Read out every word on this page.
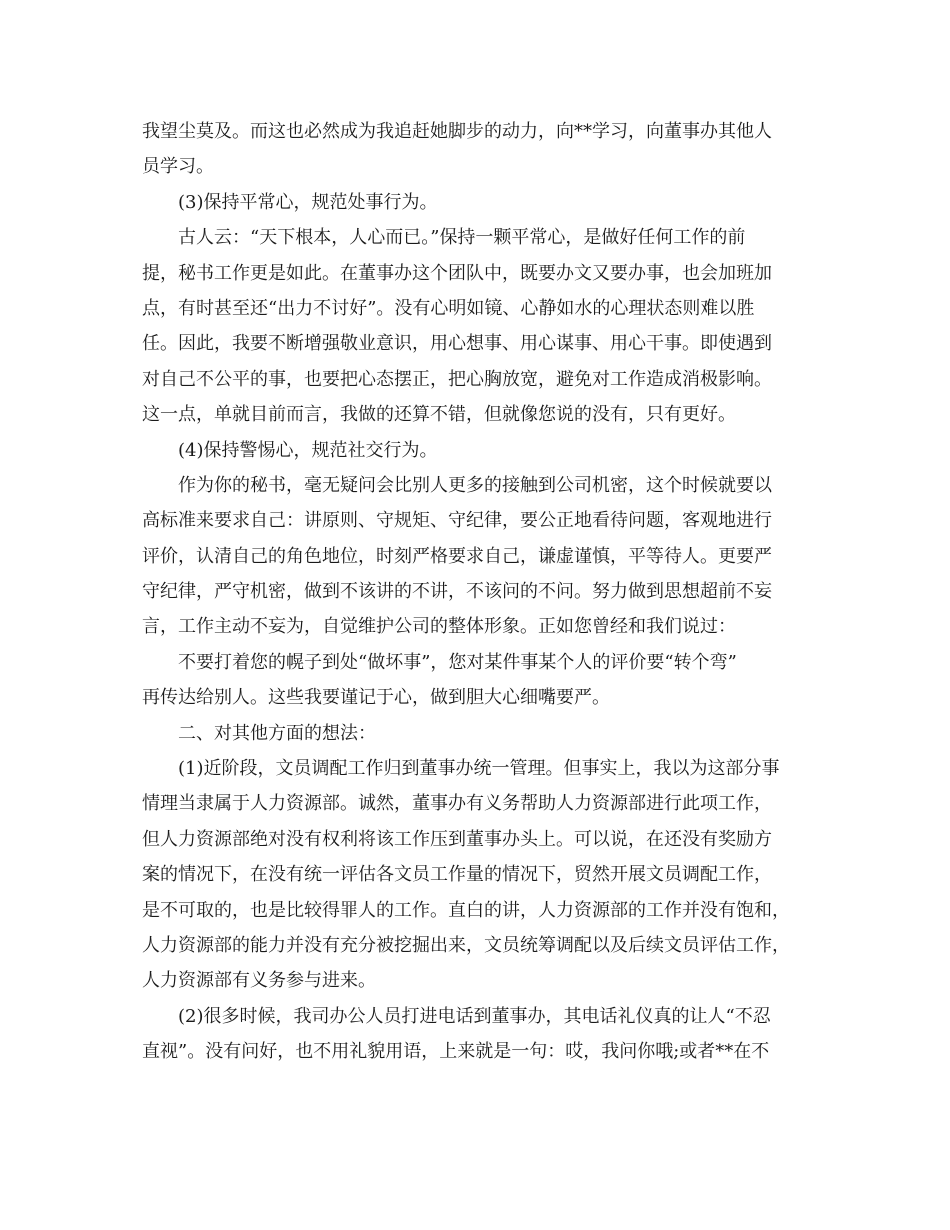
我望尘莫及。而这也必然成为我追赶她脚步的动力，向**学习，向董事办其他人
员学习。
(3)保持平常心，规范处事行为。
古人云：“天下根本，人心而已。”保持一颗平常心，是做好任何工作的前
提，秘书工作更是如此。在董事办这个团队中，既要办文又要办事，也会加班加
点，有时甚至还“出力不讨好”。没有心明如镜、心静如水的心理状态则难以胜
任。因此，我要不断增强敬业意识，用心想事、用心谋事、用心干事。即使遇到
对自己不公平的事，也要把心态摆正，把心胸放宽，避免对工作造成消极影响。
这一点，单就目前而言，我做的还算不错，但就像您说的没有，只有更好。
(4)保持警惕心，规范社交行为。
作为你的秘书，毫无疑问会比别人更多的接触到公司机密，这个时候就要以
高标准来要求自己：讲原则、守规矩、守纪律，要公正地看待问题，客观地进行
评价，认清自己的角色地位，时刻严格要求自己，谦虚谨慎，平等待人。更要严
守纪律，严守机密，做到不该讲的不讲，不该问的不问。努力做到思想超前不妄
言，工作主动不妄为，自觉维护公司的整体形象。正如您曾经和我们说过：
不要打着您的幌子到处“做坏事”，您对某件事某个人的评价要“转个弯”
再传达给别人。这些我要谨记于心，做到胆大心细嘴要严。
二、对其他方面的想法：
(1)近阶段，文员调配工作归到董事办统一管理。但事实上，我以为这部分事
情理当隶属于人力资源部。诚然，董事办有义务帮助人力资源部进行此项工作，
但人力资源部绝对没有权利将该工作压到董事办头上。可以说，在还没有奖励方
案的情况下，在没有统一评估各文员工作量的情况下，贸然开展文员调配工作，
是不可取的，也是比较得罪人的工作。直白的讲，人力资源部的工作并没有饱和，
人力资源部的能力并没有充分被挖掘出来，文员统筹调配以及后续文员评估工作，
人力资源部有义务参与进来。
(2)很多时候，我司办公人员打进电话到董事办，其电话礼仪真的让人“不忍
直视”。没有问好，也不用礼貌用语，上来就是一句：哎，我问你哦;或者**在不
